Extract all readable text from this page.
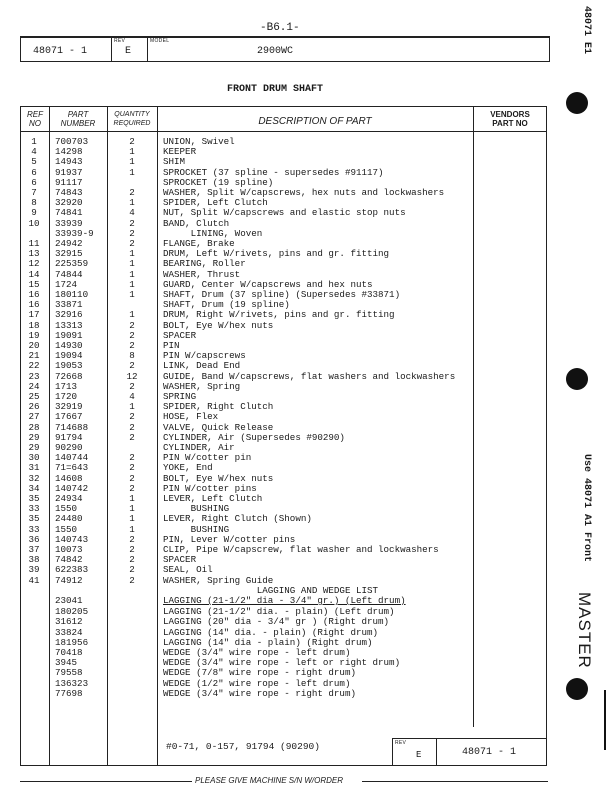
-B6.1-
REV	MODEL
48071 - 1	E	2900WC
FRONT DRUM SHAFT
REF
NO
PART
NUMBER
QUANTITY
REQUIRED	DESCRIPTION OF PART
VENDORS
PART NO
1	700703	2	UNION, Swivel
4	14298	1	KEEPER
5	14943	1	SHIM
6	91937	1	SPROCKET (37 spline - supersedes #91117)
6	91117	SPROCKET (19 spline)
7	74843	2	WASHER, Split W/capscrews, hex nuts and lockwashers
8	32920	1	SPIDER, Left Clutch
9	74841	4	NUT, Split W/capscrews and elastic stop nuts
10	33939	2	BAND, Clutch
33939-9	2	LINING, Woven
11	24942	2	FLANGE, Brake
13	32915	1	DRUM, Left W/rivets, pins and gr. fitting
12	225359	1	BEARING, Roller
14	74844	1	WASHER, Thrust
15	1724	1	GUARD, Center W/capscrews and hex nuts
16	180110	1	SHAFT, Drum (37 spline) (Supersedes #33871)
16	33871	SHAFT, Drum (19 spline)
17	32916	1	DRUM, Right W/rivets, pins and gr. fitting
18	13313	2	BOLT, Eye W/hex nuts
19	19091	2	SPACER
20	14930	2	PIN
21	19094	8	PIN W/capscrews
22	19053	2	LINK, Dead End
23	72668	12	GUIDE, Band W/capscrews, flat washers and lockwashers
24	1713	2	WASHER, Spring
25	1720	4	SPRING
26	32919	1	SPIDER, Right Clutch
27	17667	2	HOSE, Flex
28	714688	2	VALVE, Quick Release
29	91794	2	CYLINDER, Air (Supersedes #90290)
29	90290	CYLINDER, Air
30	140744	2	PIN W/cotter pin
31	71=643	2	YOKE, End
32	14608	2	BOLT, Eye W/hex nuts
34	140742	2	PIN W/cotter pins
35	24934	1	LEVER, Left Clutch
33	1550	1	BUSHING
35	24480	1	LEVER, Right Clutch (Shown)
33	1550	1	BUSHING
36	140743	2	PIN, Lever W/cotter pins
37	10073	2	CLIP, Pipe W/capscrew, flat washer and lockwashers
38	74842	2	SPACER
39	622383	2	SEAL, Oil
41	74912	2	WASHER, Spring Guide
LAGGING AND WEDGE LIST
23041	LAGGING (21-1/2" dia - 3/4" gr.) (Left drum)
180205	LAGGING (21-1/2" dia. - plain) (Left drum)
31612	LAGGING (20" dia - 3/4" gr ) (Right drum)
33824	LAGGING (14" dia. - plain) (Right drum)
181956	LAGGING (14" dia - plain) (Right drum)
70418	WEDGE (3/4" wire rope - left drum)
3945	WEDGE (3/4" wire rope - left or right drum)
79558	WEDGE (7/8" wire rope - right drum)
136323	WEDGE (1/2" wire rope - left drum)
77698	WEDGE (3/4" wire rope - right drum)
#0-71, 0-157, 91794 (90290)	REV
E	48071 - 1
PLEASE GIVE MACHINE S/N W/ORDER
48071 E1
Use 48071 A1 Front
MASTER
